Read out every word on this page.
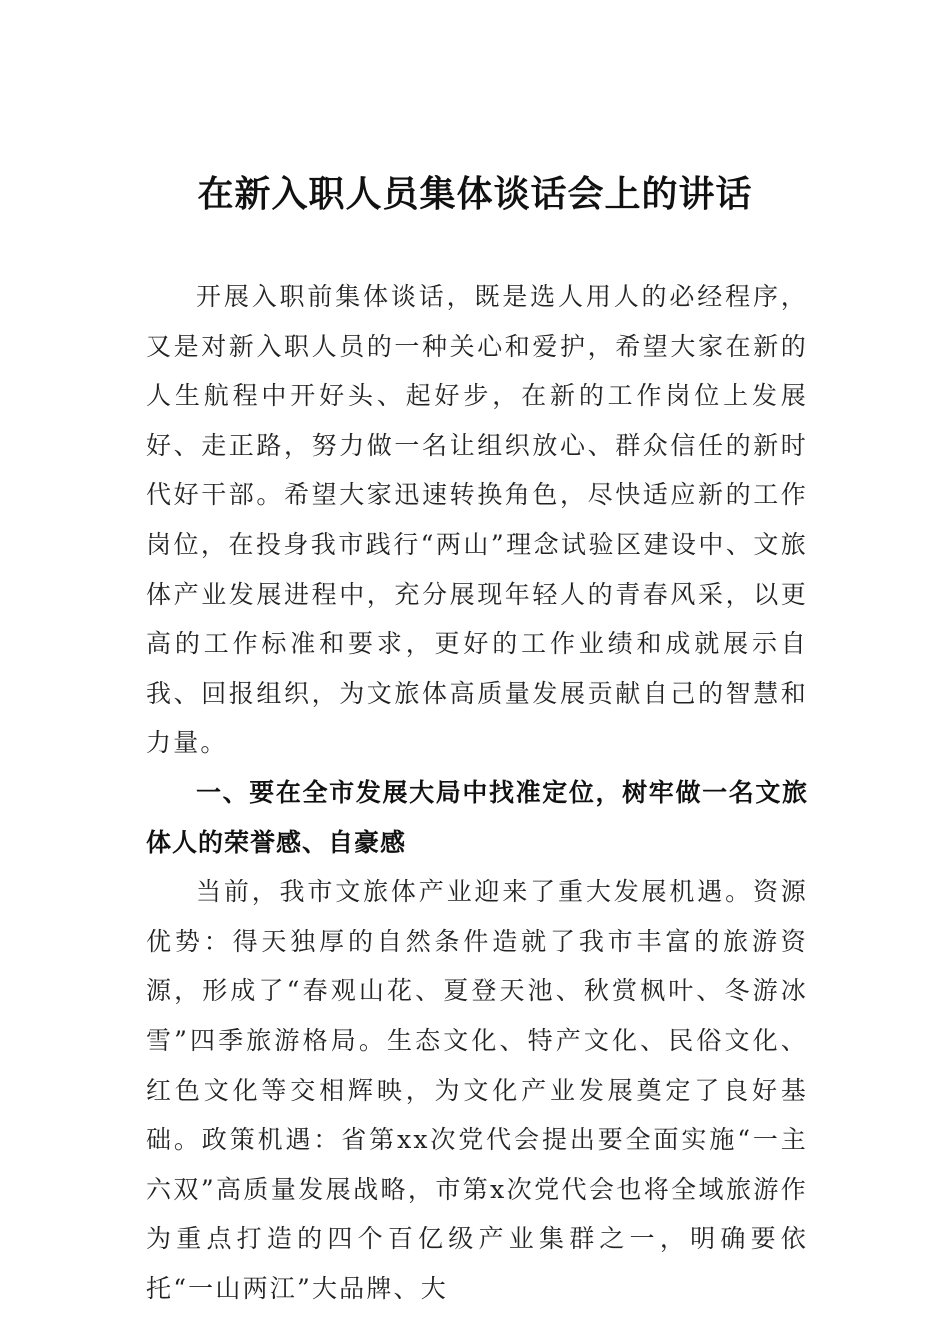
在新入职人员集体谈话会上的讲话

开展入职前集体谈话，既是选人用人的必经程序，又是对新入职人员的一种关心和爱护，希望大家在新的人生航程中开好头、起好步，在新的工作岗位上发展好、走正路，努力做一名让组织放心、群众信任的新时代好干部。希望大家迅速转换角色，尽快适应新的工作岗位，在投身我市践行“两山”理念试验区建设中、文旅体产业发展进程中，充分展现年轻人的青春风采，以更高的工作标准和要求，更好的工作业绩和成就展示自我、回报组织，为文旅体高质量发展贡献自己的智慧和力量。

一、要在全市发展大局中找准定位，树牢做一名文旅体人的荣誉感、自豪感

当前，我市文旅体产业迎来了重大发展机遇。资源优势：得天独厚的自然条件造就了我市丰富的旅游资源，形成了“春观山花、夏登天池、秋赏枫叶、冬游冰雪”四季旅游格局。生态文化、特产文化、民俗文化、红色文化等交相辉映，为文化产业发展奠定了良好基础。政策机遇：省第xx次党代会提出要全面实施“一主六双”高质量发展战略，市第x次党代会也将全域旅游作为重点打造的四个百亿级产业集群之一，明确要依托“一山两江”大品牌、大
